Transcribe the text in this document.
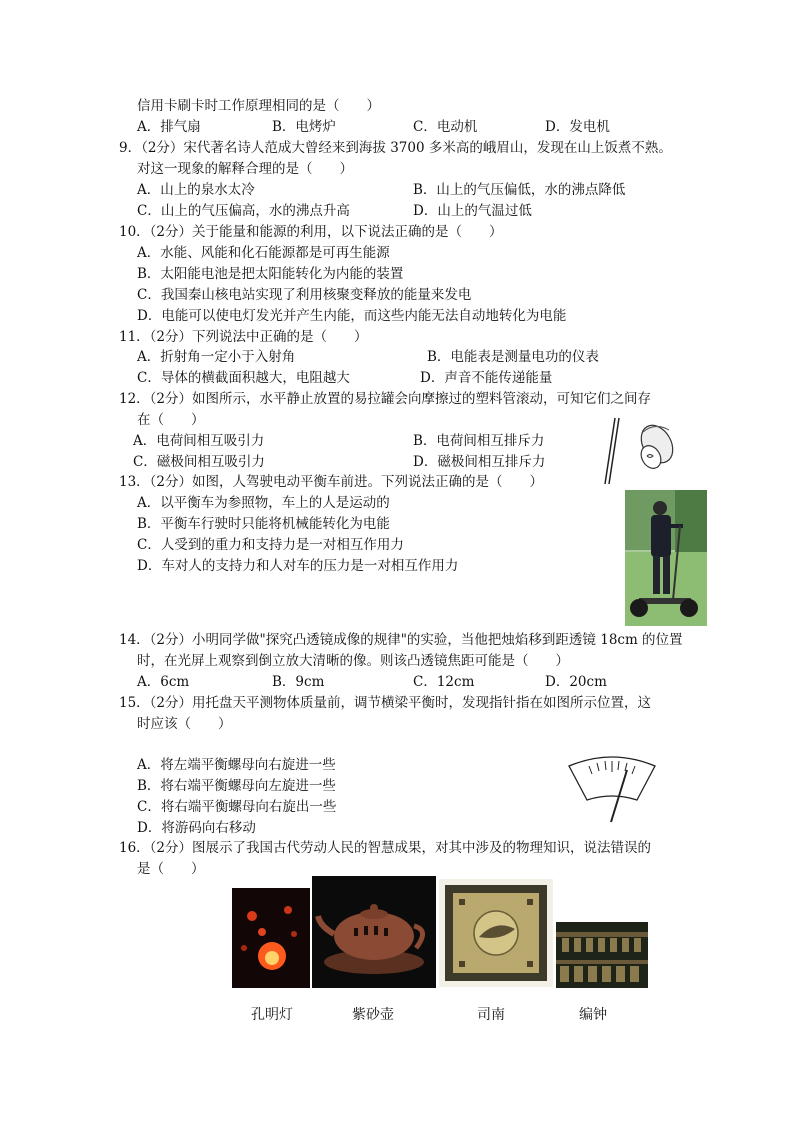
信用卡刷卡时工作原理相同的是（　　）
A．排气扇	B．电烤炉	C．电动机	D．发电机
9．（2分）宋代著名诗人范成大曾经来到海拔 3700 多米高的峨眉山，发现在山上饭煮不熟。
对这一现象的解释合理的是（　　）
A．山上的泉水太冷	B．山上的气压偏低，水的沸点降低
C．山上的气压偏高，水的沸点升高	D．山上的气温过低
10．（2分）关于能量和能源的利用，以下说法正确的是（　　）
A．水能、风能和化石能源都是可再生能源
B．太阳能电池是把太阳能转化为内能的装置
C．我国秦山核电站实现了利用核聚变释放的能量来发电
D．电能可以使电灯发光并产生内能，而这些内能无法自动地转化为电能
11．（2分）下列说法中正确的是（　　）
A．折射角一定小于入射角	B．电能表是测量电功的仪表
C．导体的横截面积越大，电阻越大	D．声音不能传递能量
12．（2分）如图所示，水平静止放置的易拉罐会向摩擦过的塑料管滚动，可知它们之间存
在（　　）
A．电荷间相互吸引力	B．电荷间相互排斥力
C．磁极间相互吸引力	D．磁极间相互排斥力
13．（2分）如图，人驾驶电动平衡车前进。下列说法正确的是（　　）
A．以平衡车为参照物，车上的人是运动的
B．平衡车行驶时只能将机械能转化为电能
C．人受到的重力和支持力是一对相互作用力
D．车对人的支持力和人对车的压力是一对相互作用力
14．（2分）小明同学做"探究凸透镜成像的规律"的实验，当他把烛焰移到距透镜 18cm 的位置
时，在光屏上观察到倒立放大清晰的像。则该凸透镜焦距可能是（　　）
A．6cm	B．9cm	C．12cm	D．20cm
15．（2分）用托盘天平测物体质量前，调节横梁平衡时，发现指针指在如图所示位置，这
时应该（　　）
A．将左端平衡螺母向右旋进一些
B．将右端平衡螺母向左旋进一些
C．将右端平衡螺母向右旋出一些
D．将游码向右移动
16．（2分）图展示了我国古代劳动人民的智慧成果，对其中涉及的物理知识，说法错误的
是（　　）
孔明灯	紫砂壶	司南	编钟
